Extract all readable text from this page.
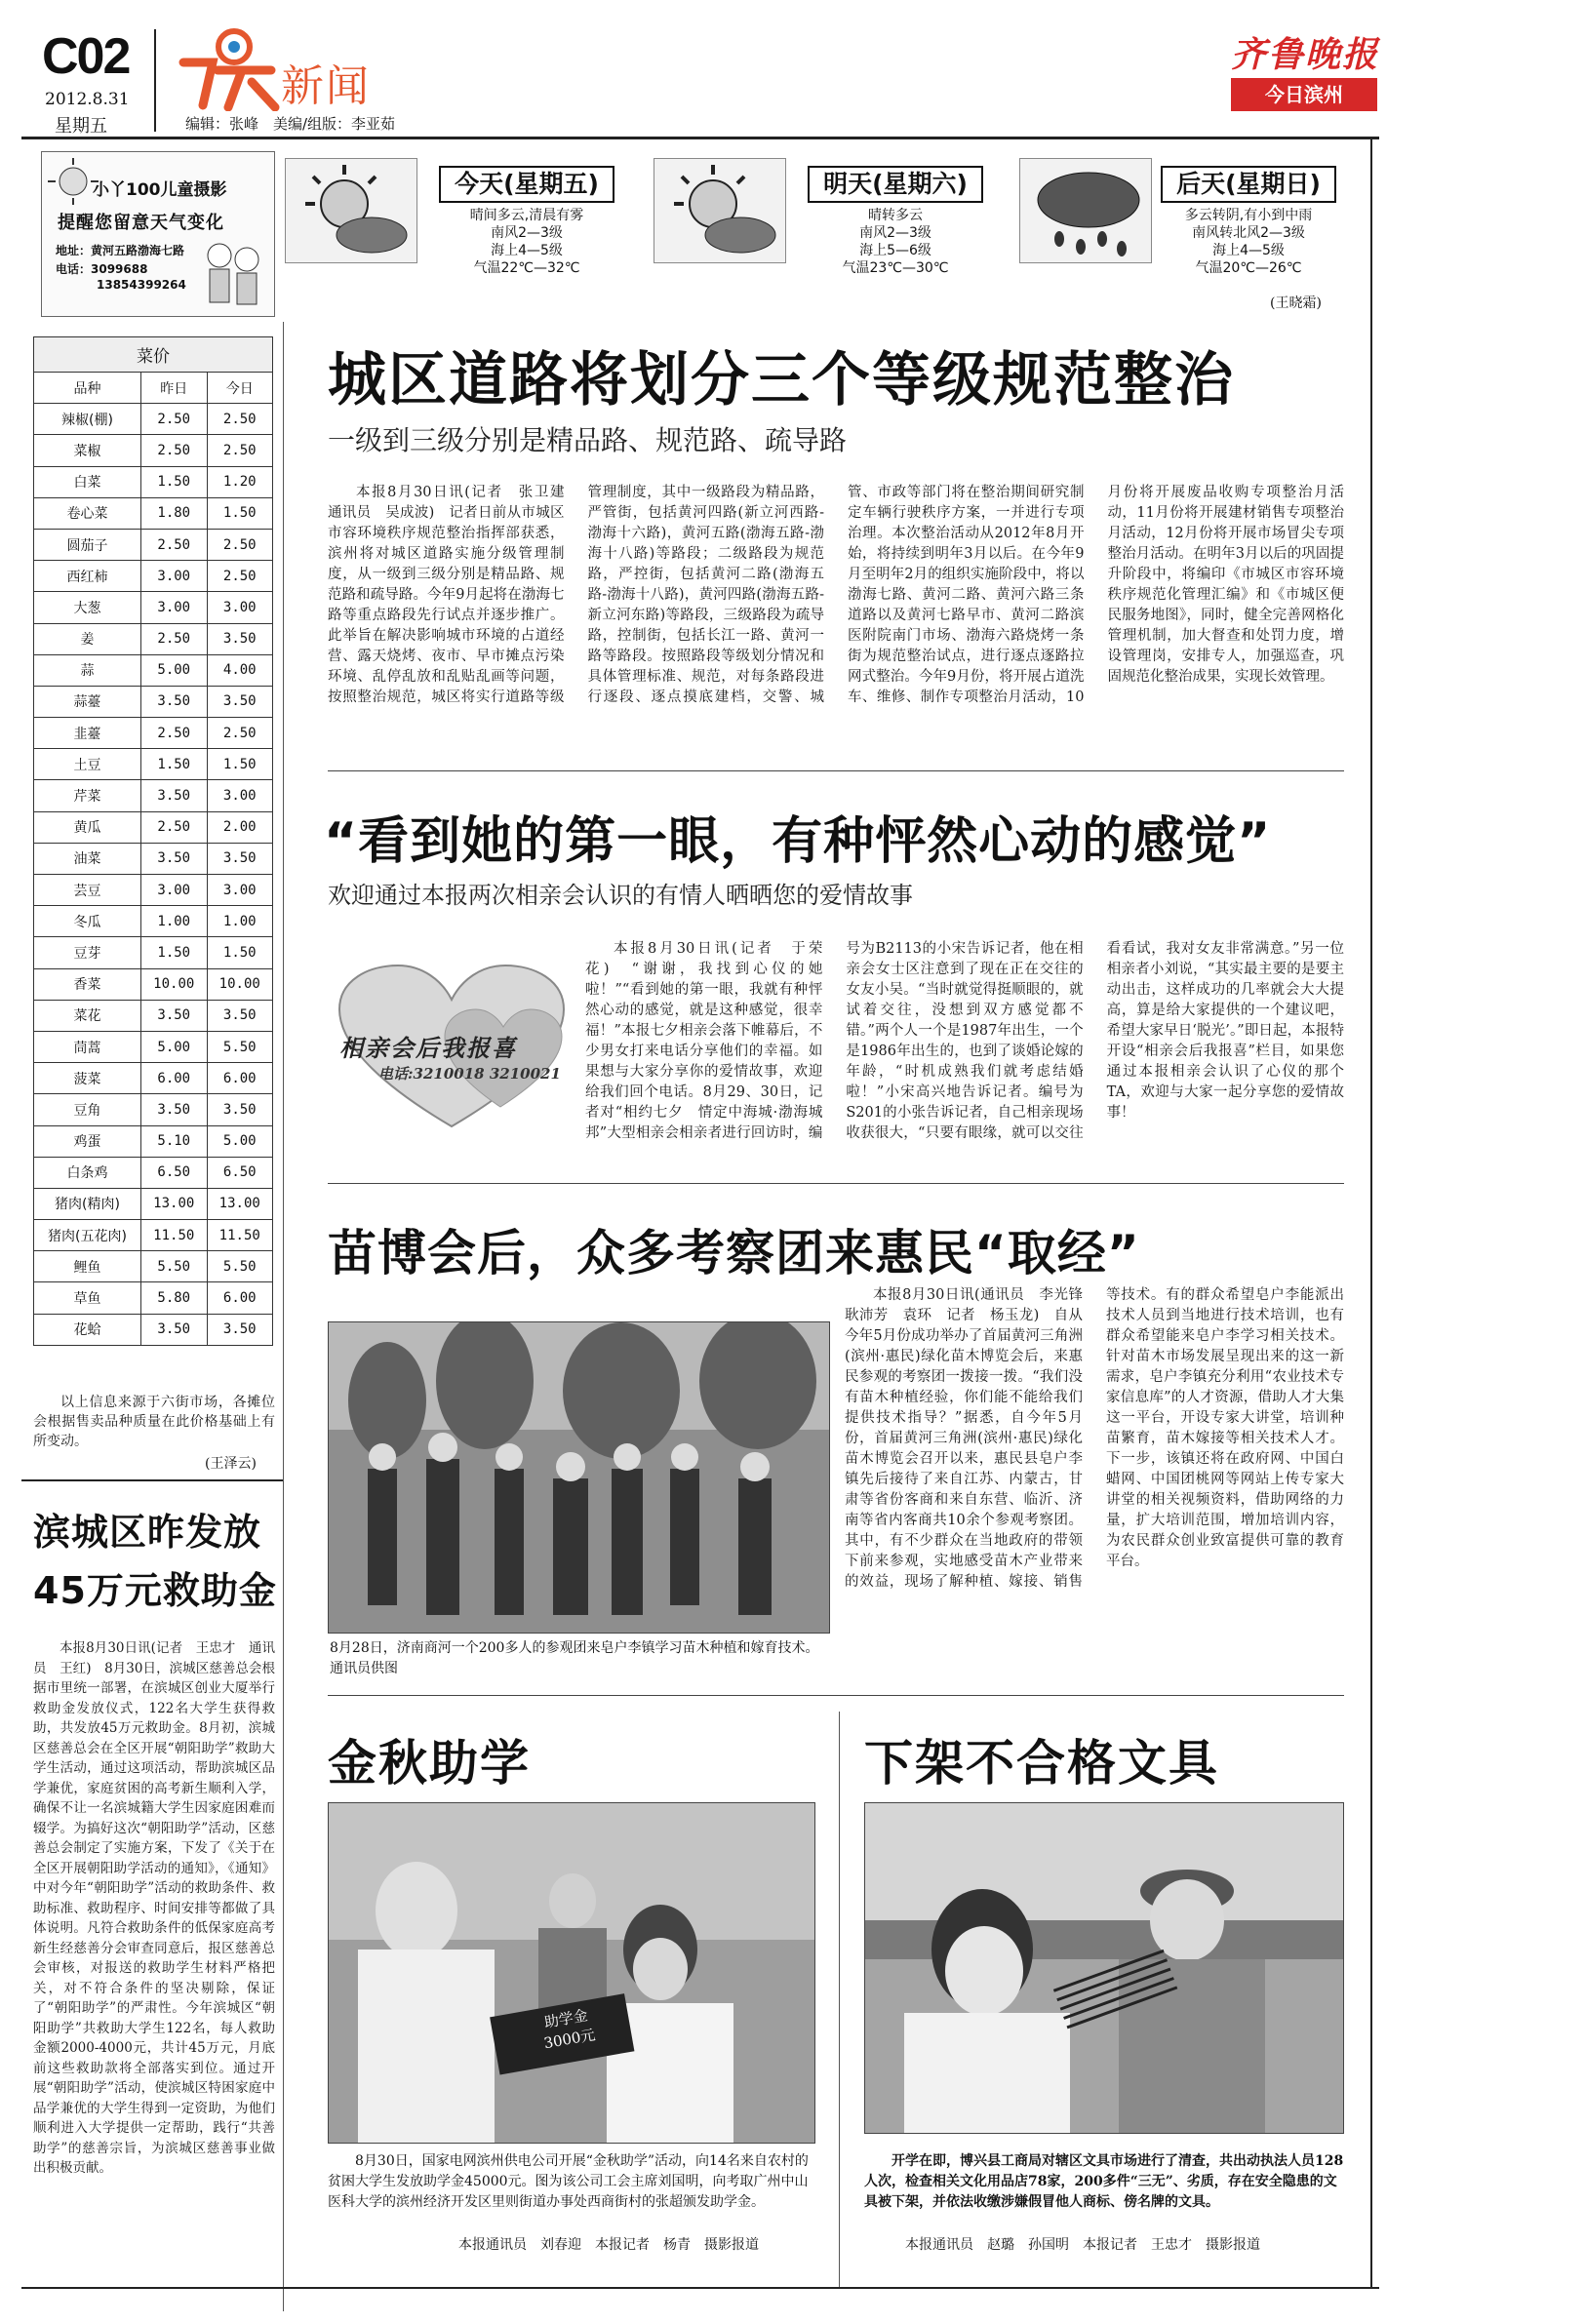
C02
2012.8.31
星期五
新闻
编辑：张峰　美编/组版：李亚茹
齐鲁晚报
今日滨州
小丫100儿童摄影
提醒您留意天气变化
地址：黄河五路渤海七路
电话：3099688
13854399264
今天(星期五)
晴间多云,清晨有雾
南风2—3级
海上4—5级
气温22℃—32℃
明天(星期六)
晴转多云
南风2—3级
海上5—6级
气温23℃—30℃
后天(星期日)
多云转阴,有小到中雨
南风转北风2—3级
海上4—5级
气温20℃—26℃
(王晓霜)
菜价		
品种	昨日	今日
辣椒(棚)	2.50	2.50
菜椒	2.50	2.50
白菜	1.50	1.20
卷心菜	1.80	1.50
圆茄子	2.50	2.50
西红柿	3.00	2.50
大葱	3.00	3.00
姜	2.50	3.50
蒜	5.00	4.00
蒜薹	3.50	3.50
韭薹	2.50	2.50
土豆	1.50	1.50
芹菜	3.50	3.00
黄瓜	2.50	2.00
油菜	3.50	3.50
芸豆	3.00	3.00
冬瓜	1.00	1.00
豆芽	1.50	1.50
香菜	10.00	10.00
菜花	3.50	3.50
茼蒿	5.00	5.50
菠菜	6.00	6.00
豆角	3.50	3.50
鸡蛋	5.10	5.00
白条鸡	6.50	6.50
猪肉(精肉)	13.00	13.00
猪肉(五花肉)	11.50	11.50
鲤鱼	5.50	5.50
草鱼	5.80	6.00
花蛤	3.50	3.50
以上信息来源于六街市场，各摊位会根据售卖品种质量在此价格基础上有所变动。
(王泽云)
滨城区昨发放
45万元救助金

本报8月30日讯(记者　王忠才　通讯员　王红)　8月30日，滨城区慈善总会根据市里统一部署，在滨城区创业大厦举行救助金发放仪式，122名大学生获得救助，共发放45万元救助金。8月初，滨城区慈善总会在全区开展“朝阳助学”救助大学生活动，通过这项活动，帮助滨城区品学兼优，家庭贫困的高考新生顺利入学，确保不让一名滨城籍大学生因家庭困难而辍学。为搞好这次“朝阳助学”活动，区慈善总会制定了实施方案，下发了《关于在全区开展朝阳助学活动的通知》，《通知》中对今年“朝阳助学”活动的救助条件、救助标准、救助程序、时间安排等都做了具体说明。凡符合救助条件的低保家庭高考新生经慈善分会审查同意后，报区慈善总会审核，对报送的救助学生材料严格把关，对不符合条件的坚决剔除，保证了“朝阳助学”的严肃性。今年滨城区“朝阳助学”共救助大学生122名，每人救助金额2000-4000元，共计45万元，月底前这些救助款将全部落实到位。通过开展“朝阳助学”活动，使滨城区特困家庭中品学兼优的大学生得到一定资助，为他们顺利进入大学提供一定帮助，践行“共善助学”的慈善宗旨，为滨城区慈善事业做出积极贡献。

城区道路将划分三个等级规范整治
一级到三级分别是精品路、规范路、疏导路

本报8月30日讯(记者　张卫建　通讯员　吴成波)　记者日前从市城区市容环境秩序规范整治指挥部获悉，滨州将对城区道路实施分级管理制度，从一级到三级分别是精品路、规范路和疏导路。今年9月起将在渤海七路等重点路段先行试点并逐步推广。此举旨在解决影响城市环境的占道经营、露天烧烤、夜市、早市摊点污染环境、乱停乱放和乱贴乱画等问题，按照整治规范，城区将实行道路等级管理制度，其中一级路段为精品路，严管街，包括黄河四路(新立河西路-渤海十六路)，黄河五路(渤海五路-渤海十八路)等路段；二级路段为规范路，严控街，包括黄河二路(渤海五路-渤海十八路)，黄河四路(渤海五路-新立河东路)等路段，三级路段为疏导路，控制街，包括长江一路、黄河一路等路段。按照路段等级划分情况和具体管理标准、规范，对每条路段进行逐段、逐点摸底建档，交警、城管、市政等部门将在整治期间研究制定车辆行驶秩序方案，一并进行专项治理。本次整治活动从2012年8月开始，将持续到明年3月以后。在今年9月至明年2月的组织实施阶段中，将以渤海七路、黄河二路、黄河六路三条道路以及黄河七路早市、黄河二路滨医附院南门市场、渤海六路烧烤一条街为规范整治试点，进行逐点逐路拉网式整治。今年9月份，将开展占道洗车、维修、制作专项整治月活动，10月份将开展废品收购专项整治月活动，11月份将开展建材销售专项整治月活动，12月份将开展市场冒尖专项整治月活动。在明年3月以后的巩固提升阶段中，将编印《市城区市容环境秩序规范化管理汇编》和《市城区便民服务地图》，同时，健全完善网格化管理机制，加大督查和处罚力度，增设管理岗，安排专人，加强巡查，巩固规范化整治成果，实现长效管理。

“看到她的第一眼，有种怦然心动的感觉”
欢迎通过本报两次相亲会认识的有情人晒晒您的爱情故事
相亲会后我报喜
电话:3210018 3210021

本报8月30日讯(记者　于荣花)　“谢谢，我找到心仪的她啦！”“看到她的第一眼，我就有种怦然心动的感觉，就是这种感觉，很幸福！”本报七夕相亲会落下帷幕后，不少男女打来电话分享他们的幸福。如果想与大家分享你的爱情故事，欢迎给我们回个电话。8月29、30日，记者对“相约七夕　情定中海城·渤海城邦”大型相亲会相亲者进行回访时，编号为B2113的小宋告诉记者，他在相亲会女士区注意到了现在正在交往的女友小吴。“当时就觉得挺顺眼的，就试着交往，没想到双方感觉都不错。”两个人一个是1987年出生，一个是1986年出生的，也到了谈婚论嫁的年龄，“时机成熟我们就考虑结婚啦！”小宋高兴地告诉记者。编号为S201的小张告诉记者，自己相亲现场收获很大，“只要有眼缘，就可以交往看看试，我对女友非常满意。”另一位相亲者小刘说，“其实最主要的是要主动出击，这样成功的几率就会大大提高，算是给大家提供的一个建议吧，希望大家早日‘脱光’。”即日起，本报特开设“相亲会后我报喜”栏目，如果您通过本报相亲会认识了心仪的那个TA，欢迎与大家一起分享您的爱情故事！

苗博会后，众多考察团来惠民“取经”
8月28日，济南商河一个200多人的参观团来皂户李镇学习苗木种植和嫁育技术。　通讯员供图

本报8月30日讯(通讯员　李光锋　耿沛芳　袁环　记者　杨玉龙)　自从今年5月份成功举办了首届黄河三角洲(滨州·惠民)绿化苗木博览会后，来惠民参观的考察团一拨接一拨。“我们没有苗木种植经验，你们能不能给我们提供技术指导？”据悉，自今年5月份，首届黄河三角洲(滨州·惠民)绿化苗木博览会召开以来，惠民县皂户李镇先后接待了来自江苏、内蒙古，甘肃等省份客商和来自东营、临沂、济南等省内客商共10余个参观考察团。其中，有不少群众在当地政府的带领下前来参观，实地感受苗木产业带来的效益，现场了解种植、嫁接、销售等技术。有的群众希望皂户李能派出技术人员到当地进行技术培训，也有群众希望能来皂户李学习相关技术。针对苗木市场发展呈现出来的这一新需求，皂户李镇充分利用“农业技术专家信息库”的人才资源，借助人才大集这一平台，开设专家大讲堂，培训种苗繁育，苗木嫁接等相关技术人才。下一步，该镇还将在政府网、中国白蜡网、中国团桃网等网站上传专家大讲堂的相关视频资料，借助网络的力量，扩大培训范围，增加培训内容，为农民群众创业致富提供可靠的教育平台。

金秋助学
助学金 3000元
8月30日，国家电网滨州供电公司开展“金秋助学”活动，向14名来自农村的贫困大学生发放助学金45000元。图为该公司工会主席刘国明，向考取广州中山医科大学的滨州经济开发区里则街道办事处西商街村的张超颁发助学金。
本报通讯员　刘春迎　本报记者　杨青　摄影报道
下架不合格文具
开学在即，博兴县工商局对辖区文具市场进行了清查，共出动执法人员128人次，检查相关文化用品店78家，200多件“三无”、劣质，存在安全隐患的文具被下架，并依法收缴涉嫌假冒他人商标、傍名牌的文具。
本报通讯员　赵璐　孙国明　本报记者　王忠才　摄影报道
